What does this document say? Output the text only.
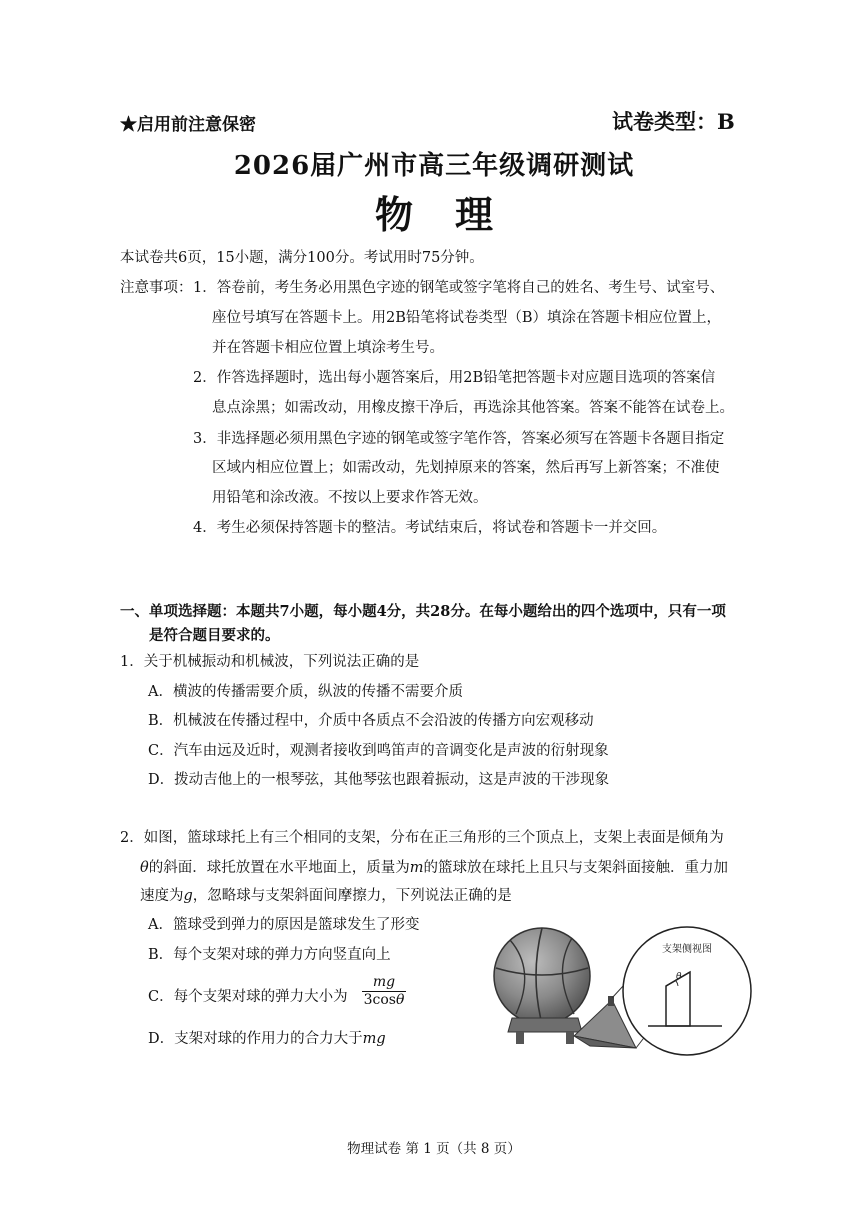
★启用前注意保密	试卷类型：B
2026届广州市高三年级调研测试
物理
本试卷共6页，15小题，满分100分。考试用时75分钟。
注意事项： 1．答卷前，考生务必用黑色字迹的钢笔或签字笔将自己的姓名、考生号、试室号、
座位号填写在答题卡上。用2B铅笔将试卷类型（B）填涂在答题卡相应位置上，
并在答题卡相应位置上填涂考生号。
2．作答选择题时，选出每小题答案后，用2B铅笔把答题卡对应题目选项的答案信
息点涂黑；如需改动，用橡皮擦干净后，再选涂其他答案。答案不能答在试卷上。
3．非选择题必须用黑色字迹的钢笔或签字笔作答，答案必须写在答题卡各题目指定
区域内相应位置上；如需改动，先划掉原来的答案，然后再写上新答案；不准使
用铅笔和涂改液。不按以上要求作答无效。
4．考生必须保持答题卡的整洁。考试结束后，将试卷和答题卡一并交回。
一、单项选择题：本题共7小题，每小题4分，共28分。在每小题给出的四个选项中，只有一项
是符合题目要求的。
1．关于机械振动和机械波，下列说法正确的是
A．横波的传播需要介质，纵波的传播不需要介质
B．机械波在传播过程中，介质中各质点不会沿波的传播方向宏观移动
C．汽车由远及近时，观测者接收到鸣笛声的音调变化是声波的衍射现象
D．拨动吉他上的一根琴弦，其他琴弦也跟着振动，这是声波的干涉现象
2．如图，篮球球托上有三个相同的支架，分布在正三角形的三个顶点上，支架上表面是倾角为
θ的斜面．球托放置在水平地面上，质量为m的篮球放在球托上且只与支架斜面接触．重力加
速度为g，忽略球与支架斜面间摩擦力，下列说法正确的是
A．篮球受到弹力的原因是篮球发生了形变
B．每个支架对球的弹力方向竖直向上
C．每个支架对球的弹力大小为
mg
3cosθ
D．支架对球的作用力的合力大于mg
支架侧视图
θ
物理试卷 第 1 页（共 8 页）
